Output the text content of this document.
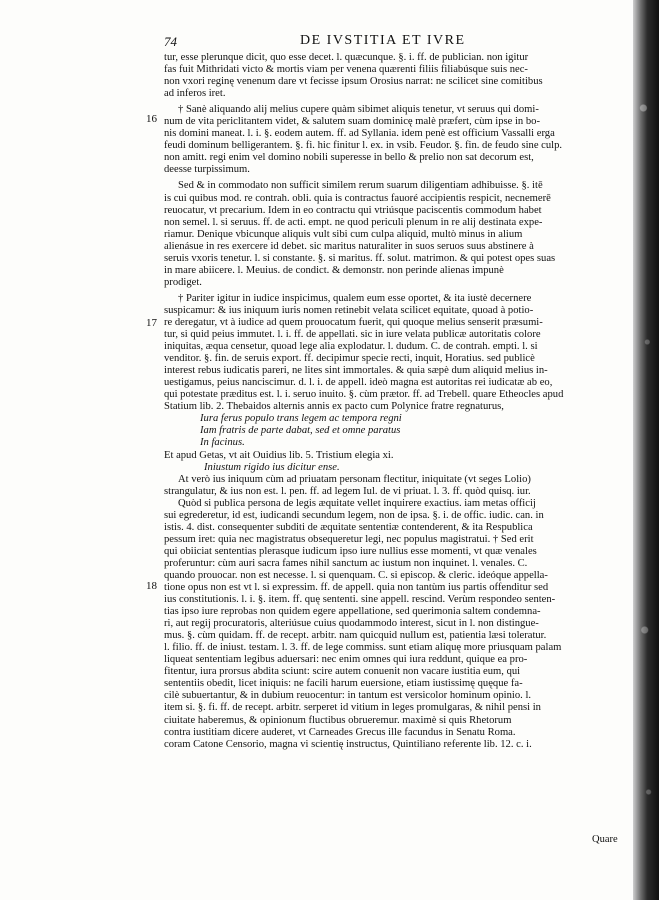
74	DE IVSTITIA ET IVRE
16
17
18
tur, esse plerunque dicit, quo esse decet. l. quæcunque. §. i. ff. de publician. non igitur
fas fuit Mithridati victo & mortis viam per venena quærenti filiis filiabúsque suis nec-
non vxori reginę venenum dare vt fecisse ipsum Orosius narrat: ne scilicet sine comitibus
ad inferos iret.
† Sanè aliquando alij melius cupere quàm sibimet aliquis tenetur, vt seruus qui domi-
num de vita periclitantem videt, & salutem suam dominicę malè præfert, cùm ipse in bo-
nis domini maneat. l. i. §. eodem autem. ff. ad Syllania. idem penè est officium Vassalli erga
feudi dominum belligerantem. §. fi. hic finitur l. ex. in vsib. Feudor. §. fin. de feudo sine culp.
non amitt. regi enim vel domino nobili superesse in bello & prelio non sat decorum est,
deesse turpissimum.
Sed & in commodato non sufficit similem rerum suarum diligentiam adhibuisse. §. itē
is cui quibus mod. re contrah. obli. quia is contractus fauoré accipientis respicit, necnemerē
reuocatur, vt precarium. Idem in eo contractu qui vtriúsque paciscentis commodum habet
non semel. l. si seruus. ff. de acti. empt. ne quod periculi plenum in re alij destinata expe-
riamur. Denique vbicunque aliquis vult sibi cum culpa aliquid, multò minus in alium
alienásue in res exercere id debet. sic maritus naturaliter in suos seruos suus abstinere à
seruis vxoris tenetur. l. si constante. §. si maritus. ff. solut. matrimon. & qui potest opes suas
in mare abiicere. l. Meuius. de condict. & demonstr. non perinde alienas impunè
prodiget.
† Pariter igitur in iudice inspicimus, qualem eum esse oportet, & ita iustè decernere
suspicamur: & ius iniquum iuris nomen retinebit velata scilicet equitate, quoad à potio-
re deregatur, vt à iudice ad quem prouocatum fuerit, qui quoque melius senserit præsumi-
tur, si quid peius immutet. l. i. ff. de appellati. sic in iure velata publicæ autoritatis colore
iniquitas, æqua censetur, quoad lege alia explodatur. l. dudum. C. de contrah. empti. l. si
venditor. §. fin. de seruis export. ff. decipimur specie recti, inquit, Horatius. sed publicè
interest rebus iudicatis pareri, ne lites sint immortales. & quia sæpè dum aliquid melius in-
uestigamus, peius nanciscimur. d. l. i. de appell. ideò magna est autoritas rei iudicatæ ab eo,
qui potestate præditus est. l. i. seruo inuito. §. cùm prætor. ff. ad Trebell. quare Etheocles apud
Statium lib. 2. Thebaidos alternis annis ex pacto cum Polynice fratre regnaturus,
Iura ferus populo trans legem ac tempora regni
Iam fratris de parte dabat, sed et omne paratus
In facinus.
Et apud Getas, vt ait Ouidius lib. 5. Tristium elegia xi.
Iniustum rigido ius dicitur ense.
At verò ius iniquum cùm ad priuatam personam flectitur, iniquitate (vt seges Lolio)
strangulatur, & ius non est. l. pen. ff. ad legem Iul. de vi priuat. l. 3. ff. quòd quisq. iur.
Quòd si publica persona de legis æquitate vellet inquirere exactius. iam metas officij
sui egrederetur, id est, iudicandi secundum legem, non de ipsa. §. i. de offic. iudic. can. in
istis. 4. dist. consequenter subditi de æquitate sententiæ contenderent, & ita Respublica
pessum iret: quia nec magistratus obsequeretur legi, nec populus magistratui. † Sed erit
qui obiiciat sententias plerasque iudicum ipso iure nullius esse momenti, vt quæ venales
proferuntur: cùm auri sacra fames nihil sanctum ac iustum non inquinet. l. venales. C.
quando prouocar. non est necesse. l. si quenquam. C. si episcop. & cleric. ideóque appella-
tione opus non est vt l. si expressim. ff. de appell. quia non tantùm ius partis offenditur sed
ius constitutionis. l. i. §. item. ff. quę sententi. sine appell. rescind. Verùm respondeo senten-
tias ipso iure reprobas non quidem egere appellatione, sed querimonia saltem condemna-
ri, aut regij procuratoris, alteriúsue cuius quodammodo interest, sicut in l. non distingue-
mus. §. cùm quidam. ff. de recept. arbitr. nam quicquid nullum est, patientia læsi toleratur.
l. filio. ff. de iniust. testam. l. 3. ff. de lege commiss. sunt etiam aliquę more priusquam palam
liqueat sententiam legibus aduersari: nec enim omnes qui iura reddunt, quique ea pro-
fitentur, iura prorsus abdita sciunt: scire autem conuenit non vacare iustitia eum, qui
sententiis obedit, licet iniquis: ne facili harum euersione, etiam iustissimę quęque fa-
cilè subuertantur, & in dubium reuocentur: in tantum est versicolor hominum opinio. l.
item si. §. fi. ff. de recept. arbitr. serperet id vitium in leges promulgaras, & nihil pensi in
ciuitate haberemus, & opinionum fluctibus obrueremur. maximè si quis Rhetorum
contra iustitiam dicere auderet, vt Carneades Grecus ille facundus in Senatu Roma.
coram Catone Censorio, magna vi scientię instructus, Quintiliano referente lib. 12. c. i.
Quare
